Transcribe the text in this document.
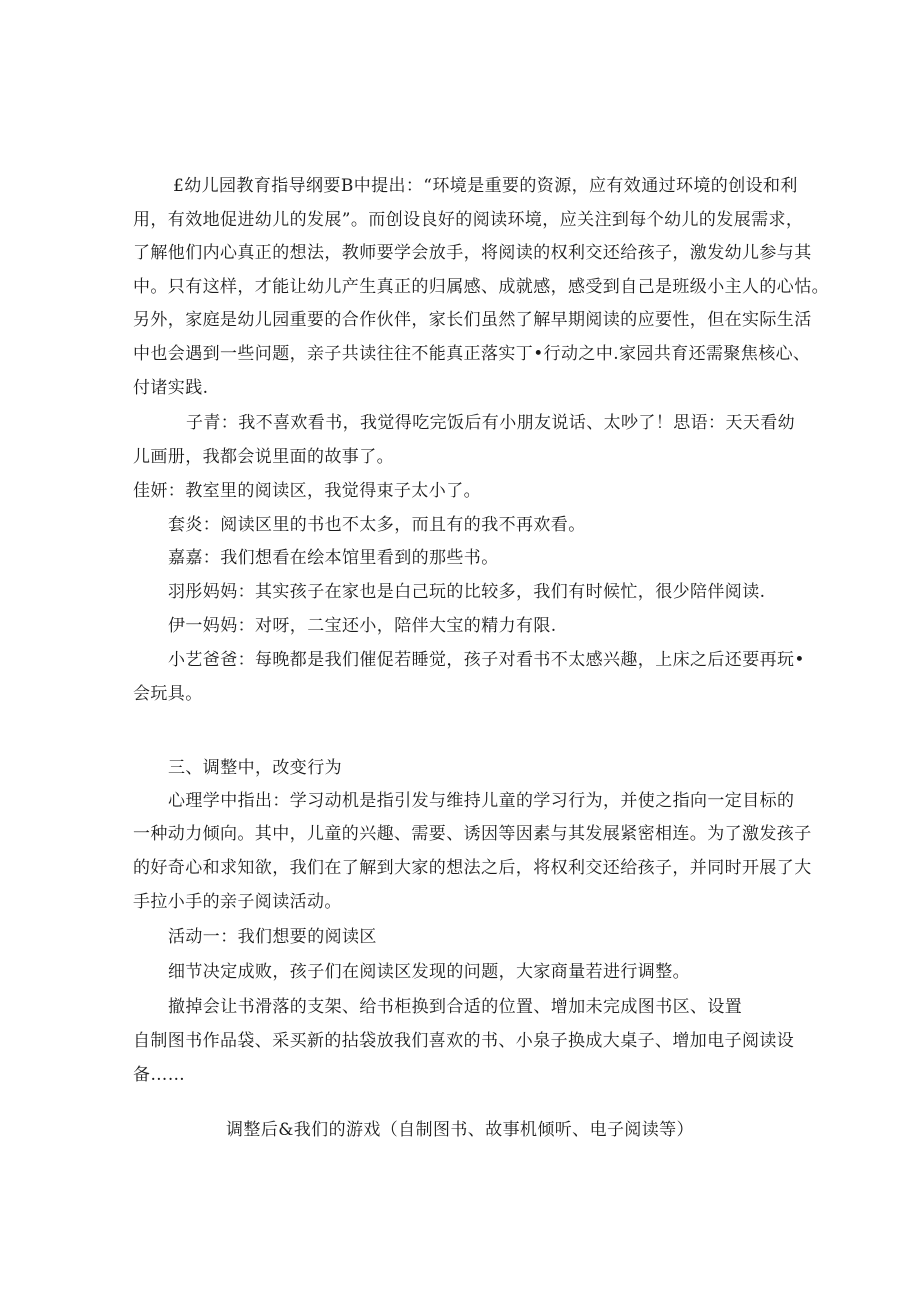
£幼儿园教育指导纲要B中提出：“环境是重要的资源，应有效通过环境的创设和利

用，有效地促进幼儿的发展”。而创设良好的阅读环境，应关注到每个幼儿的发展需求，

了解他们内心真正的想法，教师要学会放手，将阅读的权利交还给孩子，激发幼儿参与其

中。只有这样，才能让幼儿产生真正的归属感、成就感，感受到自己是班级小主人的心怙。

另外，家庭是幼儿园重要的合作伙伴，家长们虽然了解早期阅读的应要性，但在实际生活

中也会遇到一些问题，亲子共读往往不能真正落实丁•行动之中.家园共育还需聚焦核心、

付诸实践.

子青：我不喜欢看书，我觉得吃完饭后有小朋友说话、太吵了！思语：天天看幼

儿画册，我都会说里面的故事了。

佳妍：教室里的阅读区，我觉得束子太小了。

套炎：阅读区里的书也不太多，而且有的我不再欢看。

嘉嘉：我们想看在绘本馆里看到的那些书。

羽彤妈妈：其实孩子在家也是白己玩的比较多，我们有时候忙，很少陪伴阅读.

伊一妈妈：对呀，二宝还小，陪伴大宝的精力有限.

小艺爸爸：每晚都是我们催促若睡觉，孩子对看书不太感兴趣，上床之后还要再玩•

会玩具。

三、调整中，改变行为

心理学中指出：学习动机是指引发与维持儿童的学习行为，并使之指向一定目标的

一种动力倾向。其中，儿童的兴趣、需要、诱因等因素与其发展紧密相连。为了激发孩子

的好奇心和求知欲，我们在了解到大家的想法之后，将权利交还给孩子，并同时开展了大

手拉小手的亲子阅读活动。

活动一：我们想要的阅读区

细节决定成败，孩子们在阅读区发现的问题，大家商量若进行调整。

撤掉会让书滑落的支架、给书柜换到合适的位置、增加未完成图书区、设置

自制图书作品袋、采买新的拈袋放我们喜欢的书、小泉子换成大桌子、增加电子阅读设

备……

调整后&我们的游戏（自制图书、故事机倾听、电子阅读等）
